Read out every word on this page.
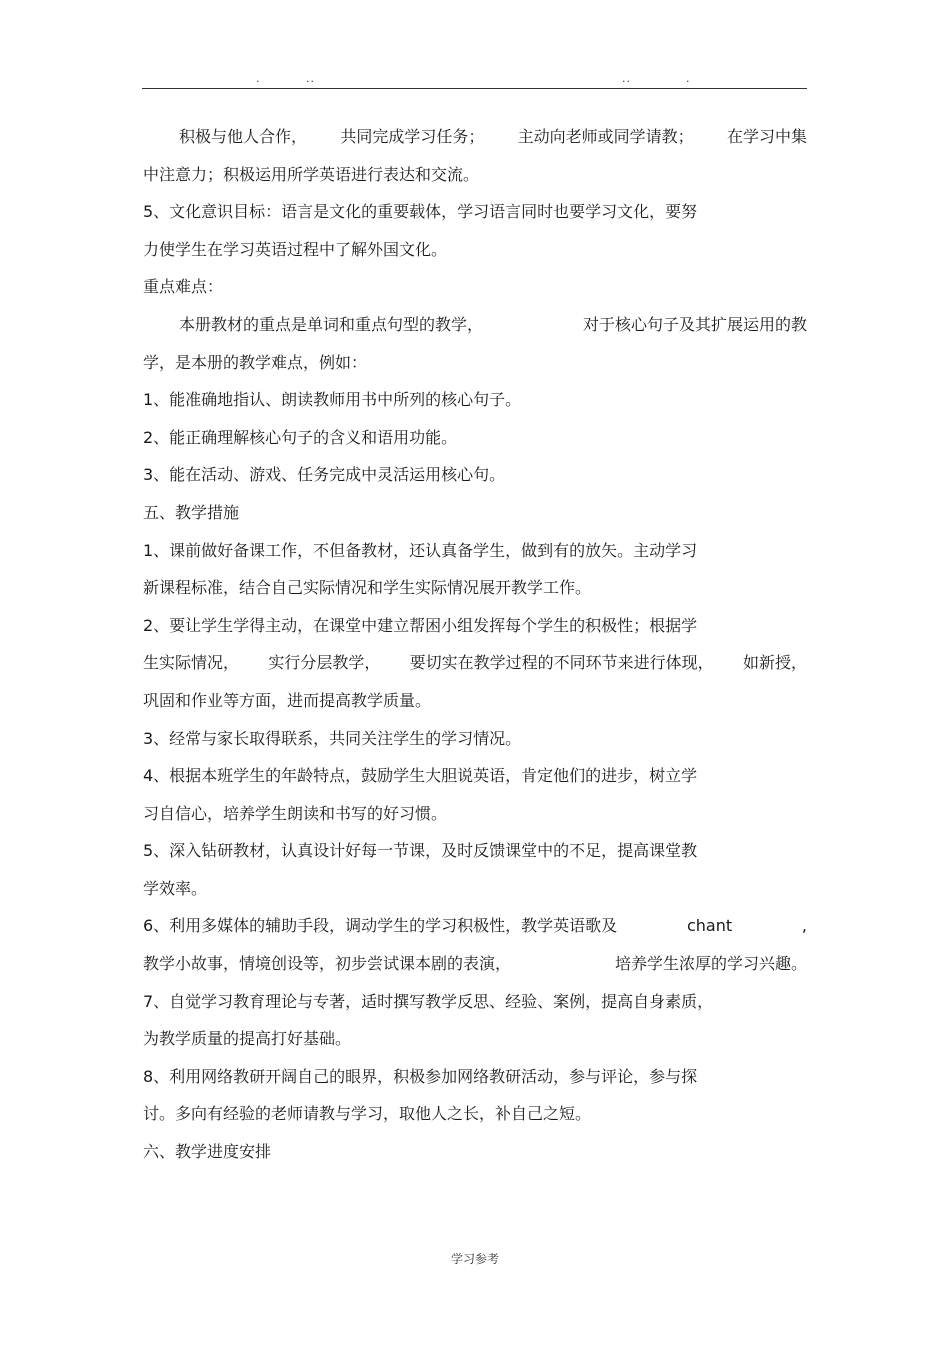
.	..	..	.
积极与他人合作， 共同完成学习任务； 主动向老师或同学请教； 在学习中集
中注意力；积极运用所学英语进行表达和交流。
5、文化意识目标：语言是文化的重要载体，学习语言同时也要学习文化，要努
力使学生在学习英语过程中了解外国文化。
重点难点：
本册教材的重点是单词和重点句型的教学，	对于核心句子及其扩展运用的教
学，是本册的教学难点，例如：
1、能准确地指认、朗读教师用书中所列的核心句子。
2、能正确理解核心句子的含义和语用功能。
3、能在活动、游戏、任务完成中灵活运用核心句。
五、教学措施
1、课前做好备课工作，不但备教材，还认真备学生，做到有的放矢。主动学习
新课程标准，结合自己实际情况和学生实际情况展开教学工作。
2、要让学生学得主动，在课堂中建立帮困小组发挥每个学生的积极性；根据学
生实际情况， 实行分层教学， 要切实在教学过程的不同环节来进行体现， 如新授，
巩固和作业等方面，进而提高教学质量。
3、经常与家长取得联系，共同关注学生的学习情况。
4、根据本班学生的年龄特点，鼓励学生大胆说英语，肯定他们的进步，树立学
习自信心，培养学生朗读和书写的好习惯。
5、深入钻研教材，认真设计好每一节课，及时反馈课堂中的不足，提高课堂教
学效率。
6、利用多媒体的辅助手段，调动学生的学习积极性，教学英语歌及	chant	,
教学小故事，情境创设等，初步尝试课本剧的表演，	培养学生浓厚的学习兴趣。
7、自觉学习教育理论与专著，适时撰写教学反思、经验、案例，提高自身素质，
为教学质量的提高打好基础。
8、利用网络教研开阔自己的眼界，积极参加网络教研活动，参与评论，参与探
讨。多向有经验的老师请教与学习，取他人之长，补自己之短。
六、教学进度安排
学习参考
